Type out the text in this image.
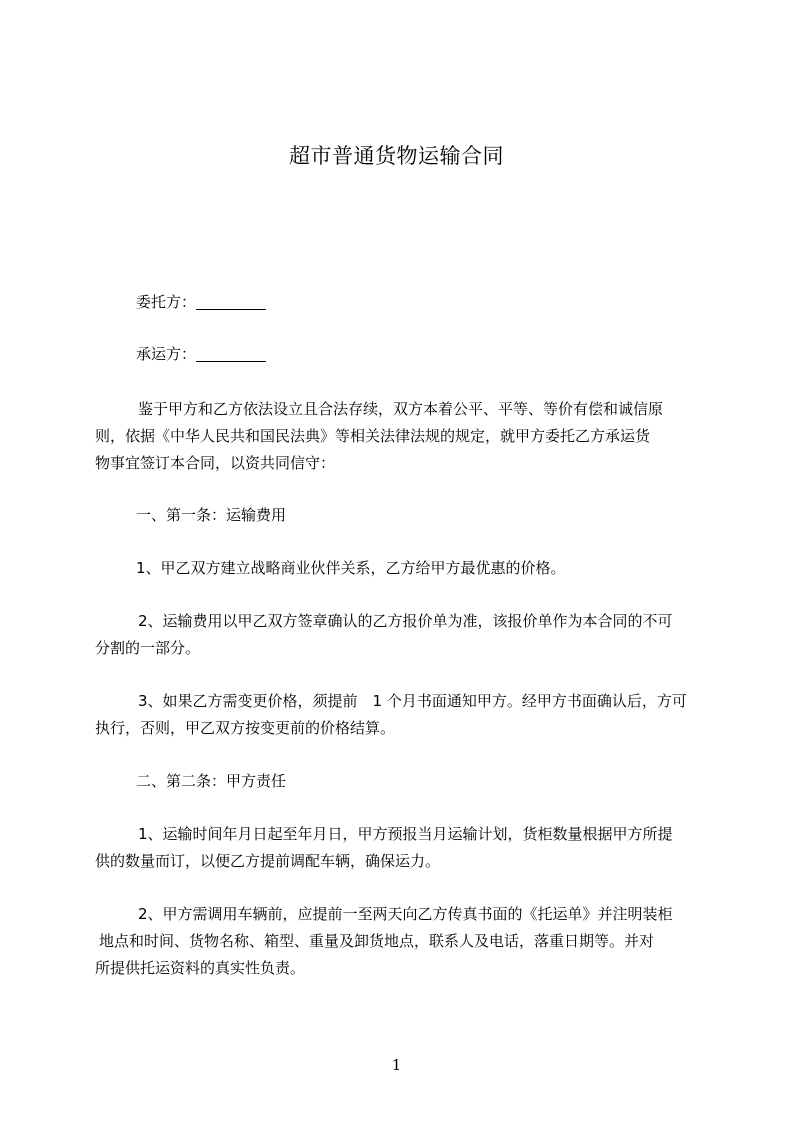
超市普通货物运输合同
委托方：
承运方：
鉴于甲方和乙方依法设立且合法存续，双方本着公平、平等、等价有偿和诚信原
则，依据《中华人民共和国民法典》等相关法律法规的规定，就甲方委托乙方承运货
物事宜签订本合同，以资共同信守：
一、第一条：运输费用
1、甲乙双方建立战略商业伙伴关系，乙方给甲方最优惠的价格。
2、运输费用以甲乙双方签章确认的乙方报价单为准，该报价单作为本合同的不可
分割的一部分。
3、如果乙方需变更价格，须提前　1 个月书面通知甲方。经甲方书面确认后，方可
执行，否则，甲乙双方按变更前的价格结算。
二、第二条：甲方责任
1、运输时间年月日起至年月日，甲方预报当月运输计划，货柜数量根据甲方所提
供的数量而订，以便乙方提前调配车辆，确保运力。
2、甲方需调用车辆前，应提前一至两天向乙方传真书面的《托运单》并注明装柜
地点和时间、货物名称、箱型、重量及卸货地点，联系人及电话，落重日期等。并对
所提供托运资料的真实性负责。
1
